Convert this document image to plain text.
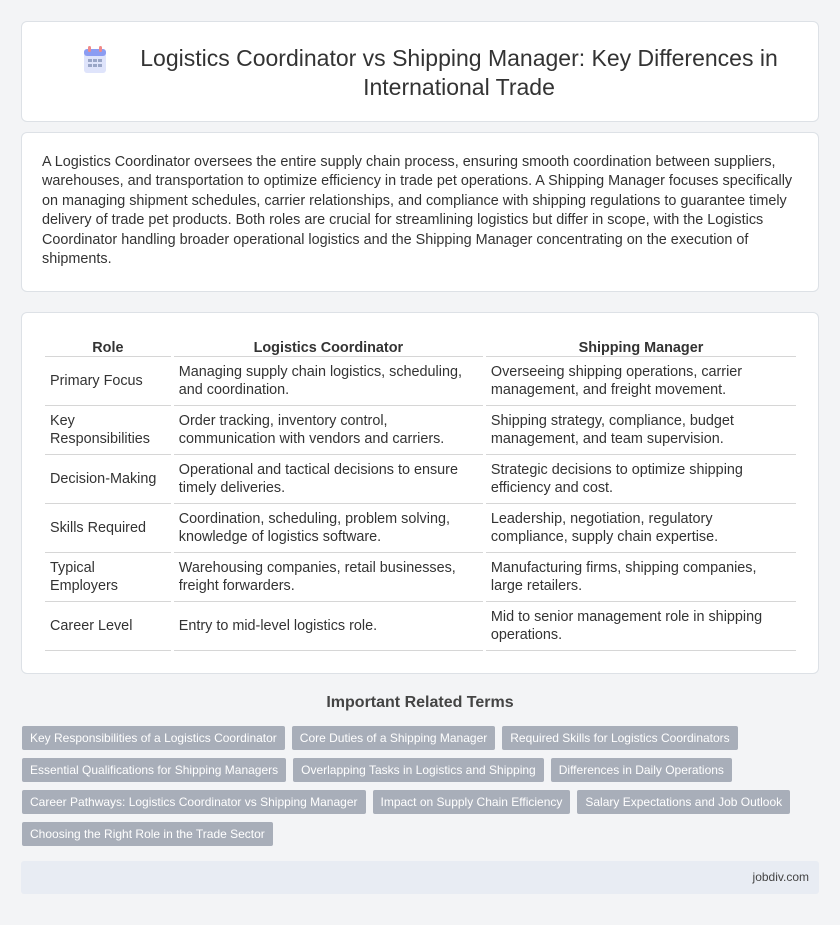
Logistics Coordinator vs Shipping Manager: Key Differences in International Trade

A Logistics Coordinator oversees the entire supply chain process, ensuring smooth coordination between suppliers, warehouses, and transportation to optimize efficiency in trade pet operations. A Shipping Manager focuses specifically on managing shipment schedules, carrier relationships, and compliance with shipping regulations to guarantee timely delivery of trade pet products. Both roles are crucial for streamlining logistics but differ in scope, with the Logistics Coordinator handling broader operational logistics and the Shipping Manager concentrating on the execution of shipments.

Role	Logistics Coordinator	Shipping Manager
Primary Focus	Managing supply chain logistics, scheduling, and coordination.	Overseeing shipping operations, carrier management, and freight movement.
Key Responsibilities	Order tracking, inventory control, communication with vendors and carriers.	Shipping strategy, compliance, budget management, and team supervision.
Decision-Making	Operational and tactical decisions to ensure timely deliveries.	Strategic decisions to optimize shipping efficiency and cost.
Skills Required	Coordination, scheduling, problem solving, knowledge of logistics software.	Leadership, negotiation, regulatory compliance, supply chain expertise.
Typical Employers	Warehousing companies, retail businesses, freight forwarders.	Manufacturing firms, shipping companies, large retailers.
Career Level	Entry to mid-level logistics role.	Mid to senior management role in shipping operations.
Important Related Terms
Key Responsibilities of a Logistics Coordinator	Core Duties of a Shipping Manager	Required Skills for Logistics Coordinators
Essential Qualifications for Shipping Managers	Overlapping Tasks in Logistics and Shipping	Differences in Daily Operations
Career Pathways: Logistics Coordinator vs Shipping Manager	Impact on Supply Chain Efficiency	Salary Expectations and Job Outlook
Choosing the Right Role in the Trade Sector
jobdiv.com
